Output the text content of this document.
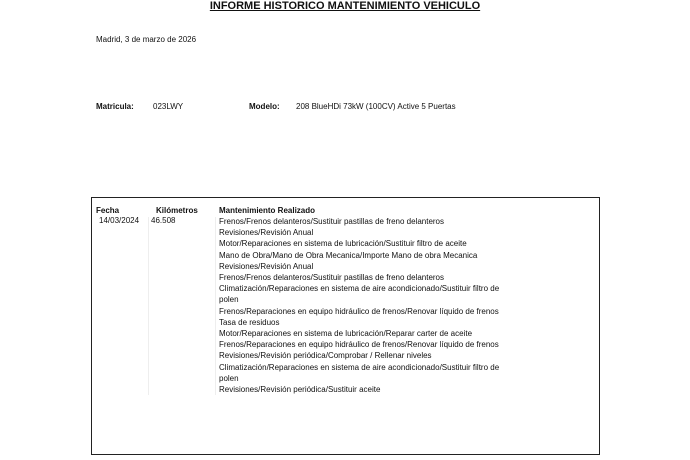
INFORME HISTORICO MANTENIMIENTO VEHICULO
Madrid, 3 de marzo de 2026
Matricula: 023LWY	Modelo: 208 BlueHDi 73kW (100CV) Active 5 Puertas
Fecha	Kilómetros	Mantenimiento Realizado
14/03/2024 46.508	Frenos/Frenos delanteros/Sustituir pastillas de freno delanteros
Revisiones/Revisión Anual
Motor/Reparaciones en sistema de lubricación/Sustituir filtro de aceite
Mano de Obra/Mano de Obra Mecanica/Importe Mano de obra Mecanica
Revisiones/Revisión Anual
Frenos/Frenos delanteros/Sustituir pastillas de freno delanteros
Climatización/Reparaciones en sistema de aire acondicionado/Sustituir filtro de
polen
Frenos/Reparaciones en equipo hidráulico de frenos/Renovar líquido de frenos
Tasa de residuos
Motor/Reparaciones en sistema de lubricación/Reparar carter de aceite
Frenos/Reparaciones en equipo hidráulico de frenos/Renovar líquido de frenos
Revisiones/Revisión periódica/Comprobar / Rellenar niveles
Climatización/Reparaciones en sistema de aire acondicionado/Sustituir filtro de
polen
Revisiones/Revisión periódica/Sustituir aceite
